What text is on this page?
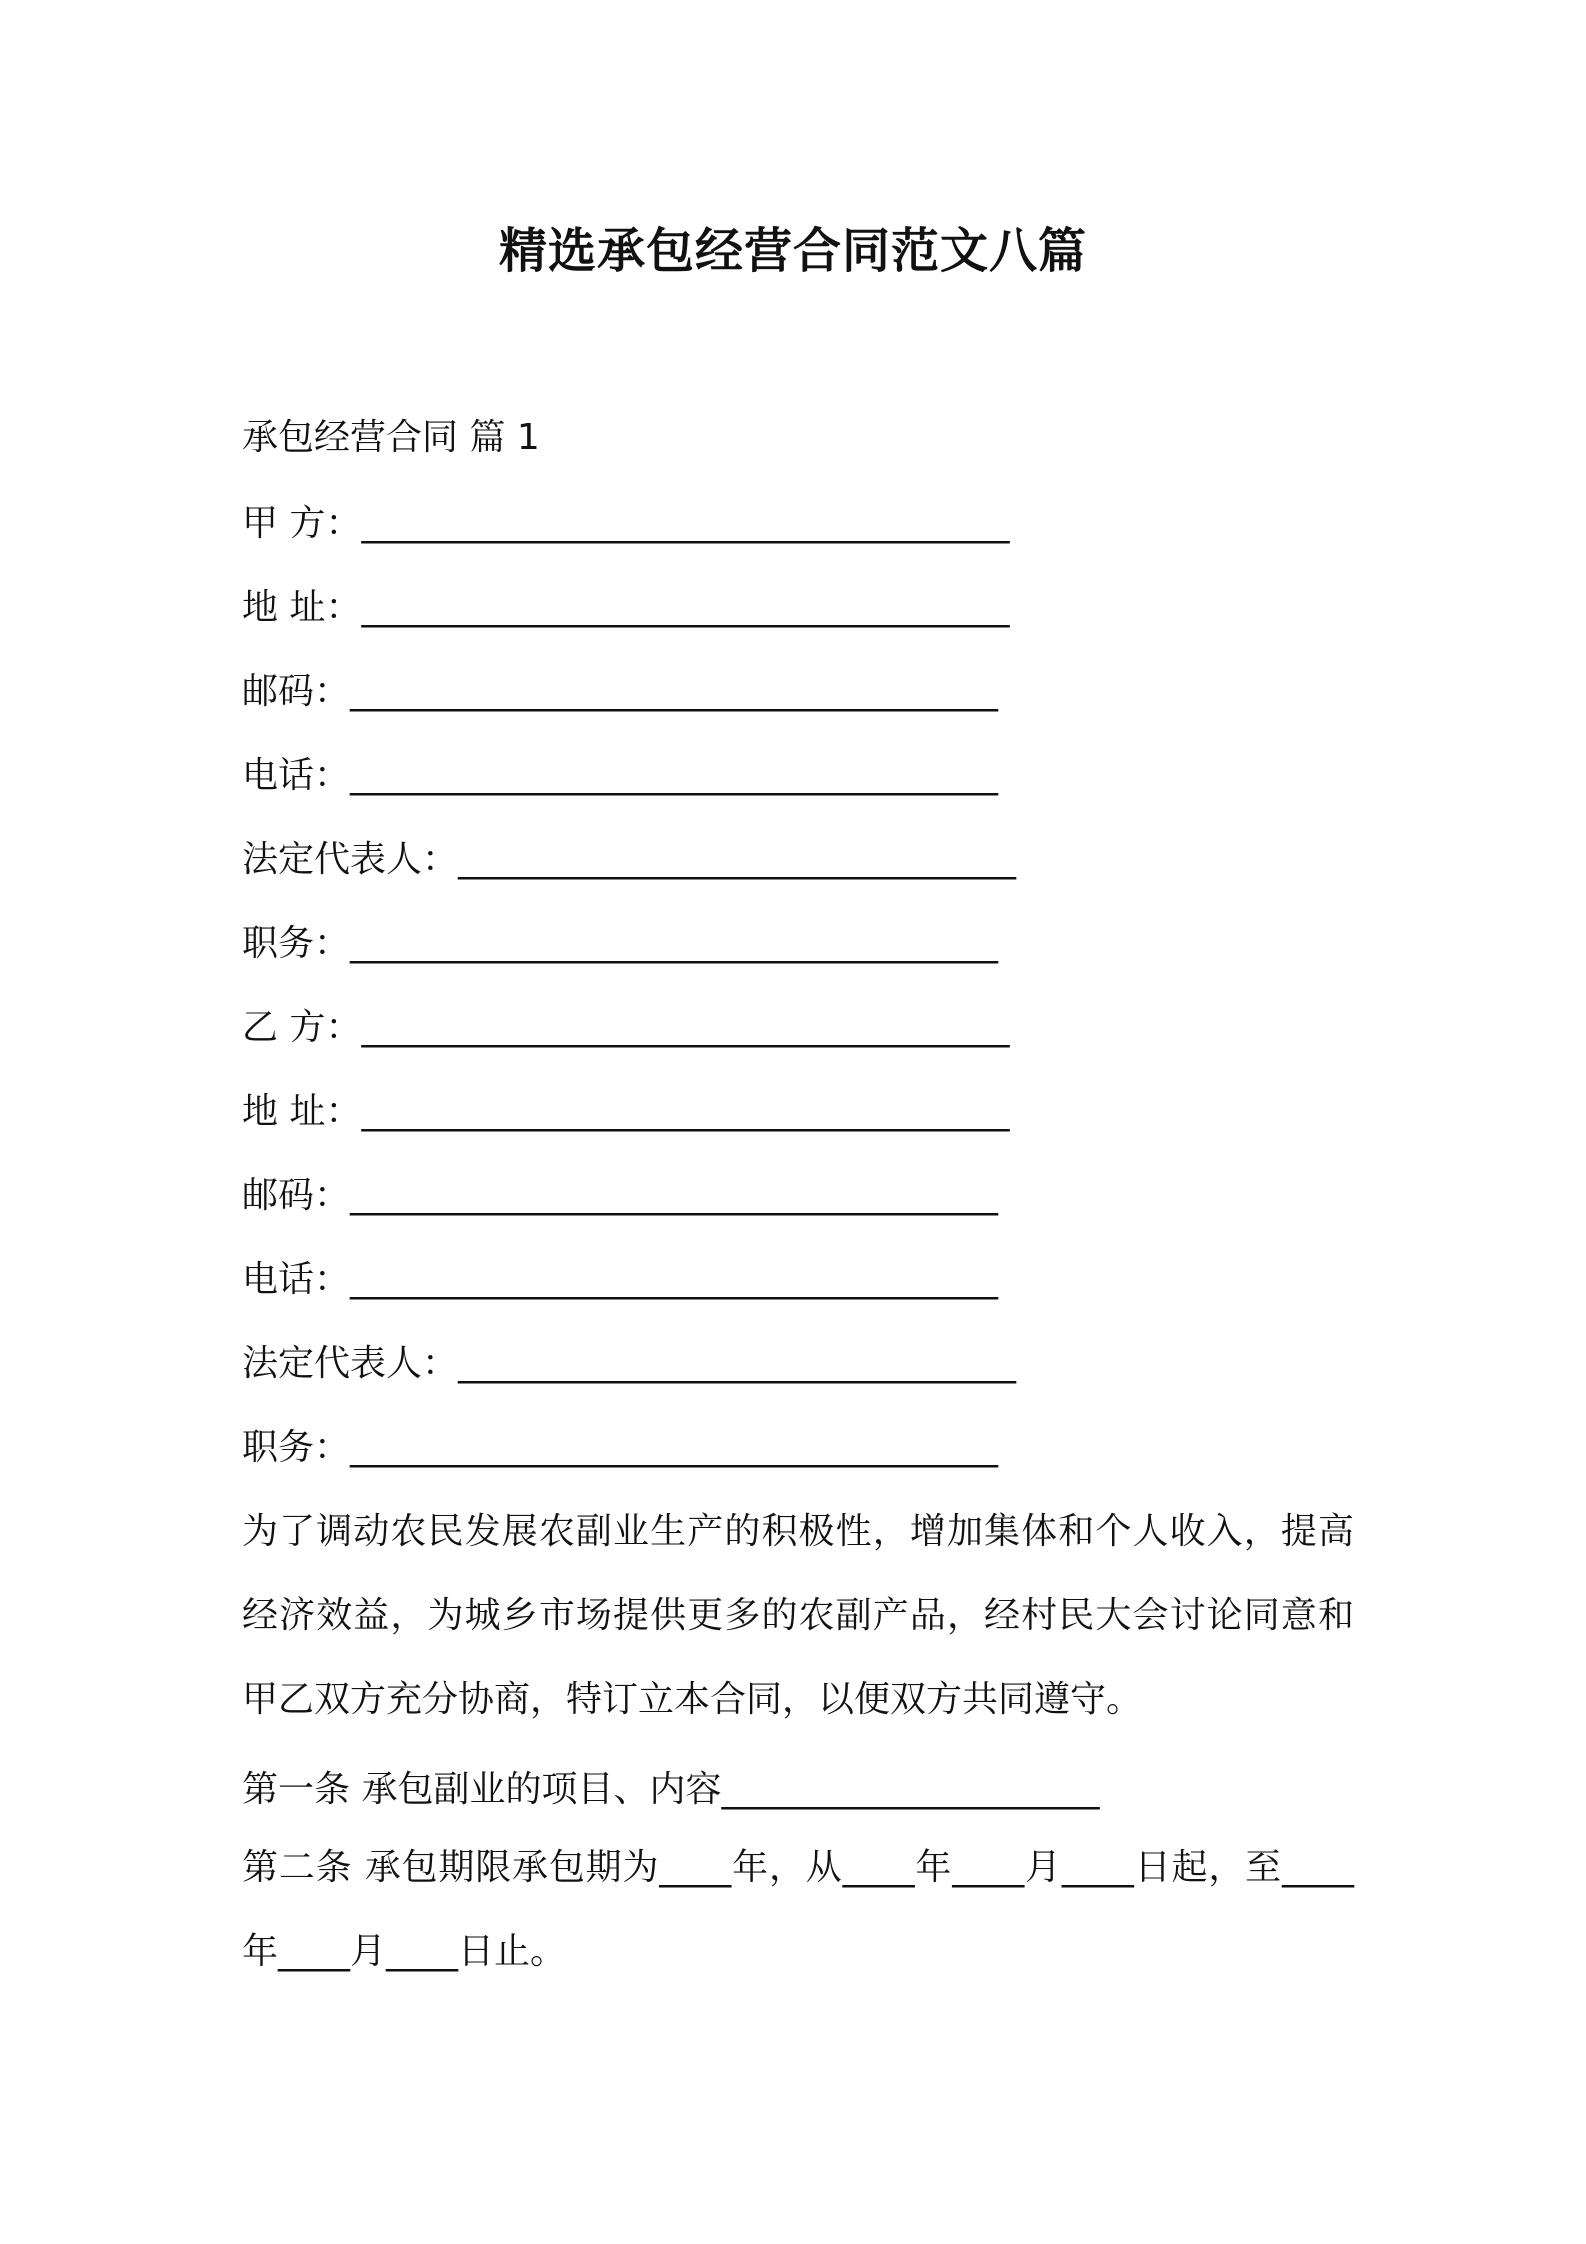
精选承包经营合同范文八篇

承包经营合同 篇 1

甲 方：____________________________________

地 址：____________________________________

邮码：____________________________________

电话：____________________________________

法定代表人：_______________________________

职务：____________________________________

乙 方：____________________________________

地 址：____________________________________

邮码：____________________________________

电话：____________________________________

法定代表人：_______________________________

职务：____________________________________

为了调动农民发展农副业生产的积极性，增加集体和个人收入，提高经济效益，为城乡市场提供更多的农副产品，经村民大会讨论同意和甲乙双方充分协商，特订立本合同，以便双方共同遵守。

第一条 承包副业的项目、内容_____________________

第二条 承包期限承包期为____年，从____年____月____日起，至____年____月____日止。
